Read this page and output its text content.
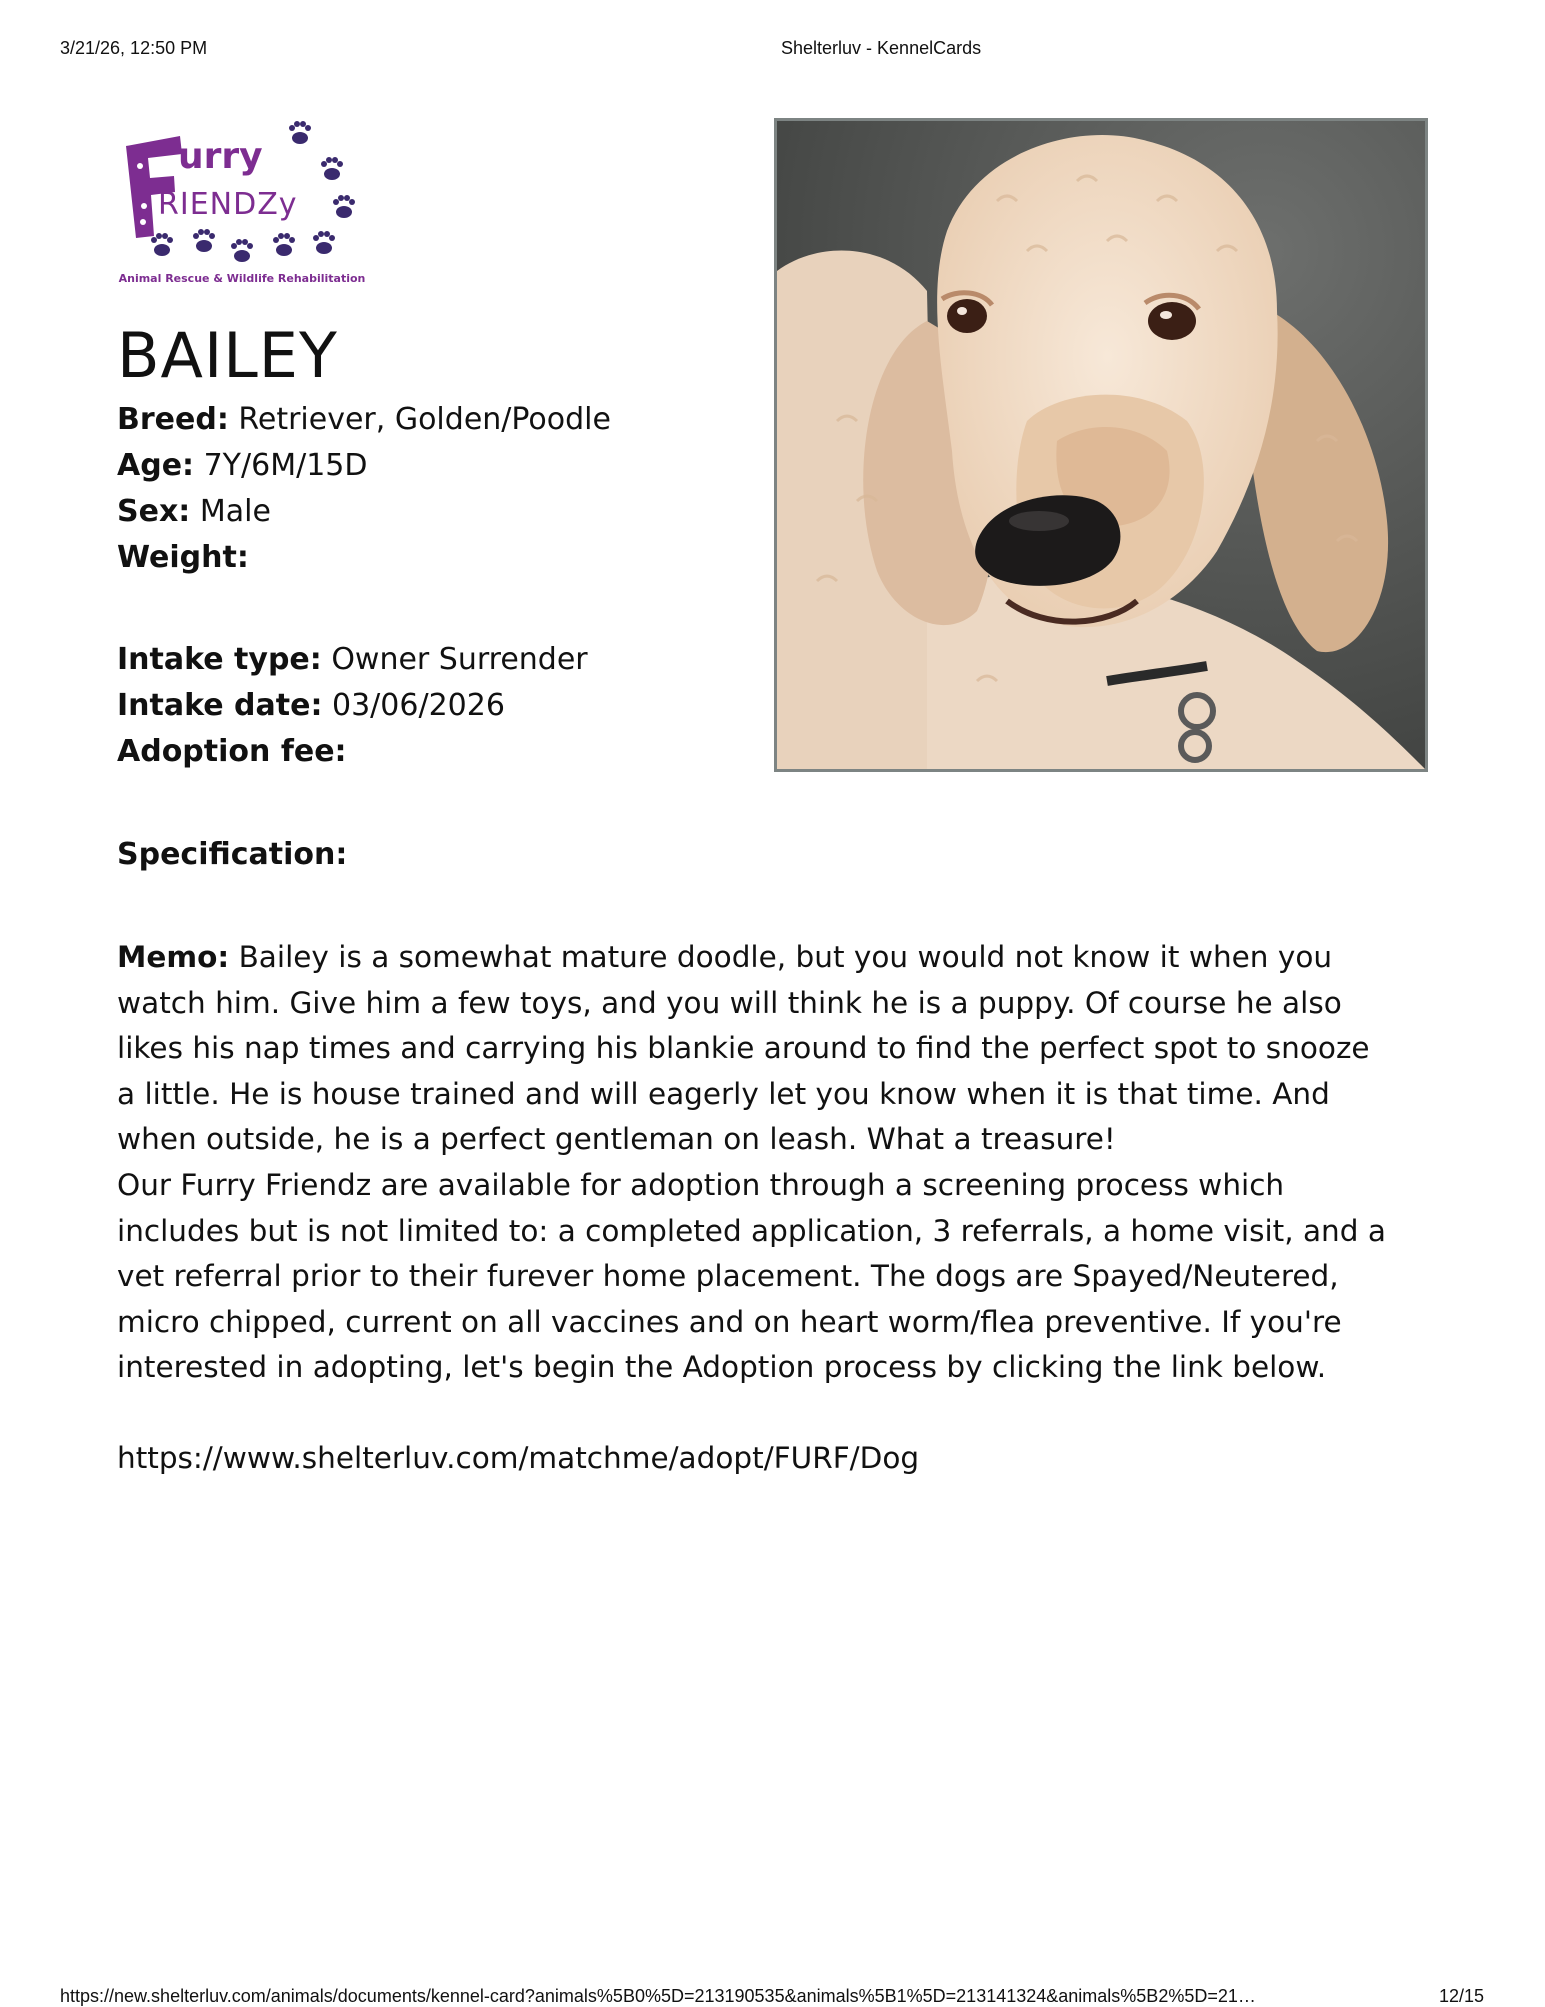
3/21/26, 12:50 PM	Shelterluv - KennelCards
urry
RIENDZy
Animal Rescue & Wildlife Rehabilitation
BAILEY
Breed: Retriever, Golden/Poodle
Age: 7Y/6M/15D
Sex: Male
Weight:
Intake type: Owner Surrender
Intake date: 03/06/2026
Adoption fee:
Specification:

Memo: Bailey is a somewhat mature doodle, but you would not know it when you watch him. Give him a few toys, and you will think he is a puppy. Of course he also likes his nap times and carrying his blankie around to find the perfect spot to snooze a little. He is house trained and will eagerly let you know when it is that time. And when outside, he is a perfect gentleman on leash. What a treasure!

Our Furry Friendz are available for adoption through a screening process which includes but is not limited to: a completed application, 3 referrals, a home visit, and a vet referral prior to their furever home placement. The dogs are Spayed/Neutered, micro chipped, current on all vaccines and on heart worm/flea preventive. If you're interested in adopting, let's begin the Adoption process by clicking the link below.

https://www.shelterluv.com/matchme/adopt/FURF/Dog
https://new.shelterluv.com/animals/documents/kennel-card?animals%5B0%5D=213190535&animals%5B1%5D=213141324&animals%5B2%5D=21…	12/15
